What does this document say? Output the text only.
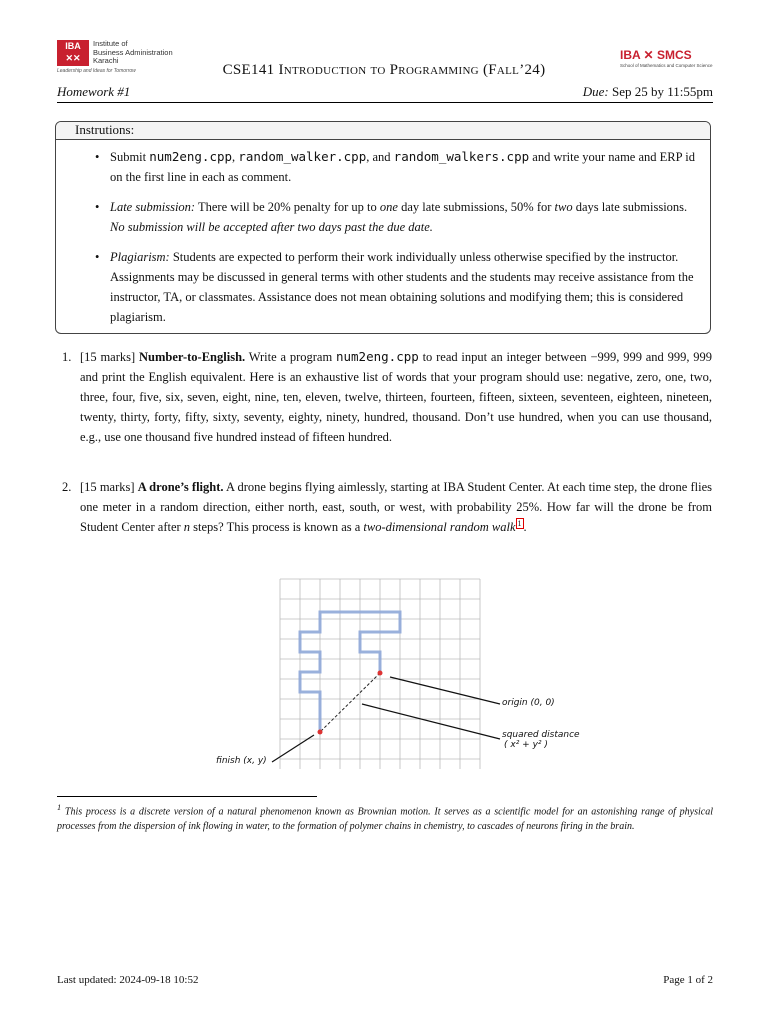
IBA
✕✕
Institute of
Business Administration
Karachi
Leadership and Ideas for Tomorrow	CSE141 Introduction to Programming (Fall’24)
IBA ✕ SMCS
School of Mathematics and Computer Science
Homework #1	Due: Sep 25 by 11:55pm
Instrutions:
• Submit num2eng.cpp, random_walker.cpp, and random_walkers.cpp and write your name and ERP id on the first line in each as comment.
• Late submission: There will be 20% penalty for up to one day late submissions, 50% for two days late submissions. No submission will be accepted after two days past the due date.
• Plagiarism: Students are expected to perform their work individually unless otherwise specified by the instructor. Assignments may be discussed in general terms with other students and the students may receive assistance from the instructor, TA, or classmates. Assistance does not mean obtaining solutions and modifying them; this is considered plagiarism.
1. [15 marks] Number-to-English. Write a program num2eng.cpp to read input an integer between −999, 999 and 999, 999 and print the English equivalent. Here is an exhaustive list of words that your program should use: negative, zero, one, two, three, four, five, six, seven, eight, nine, ten, eleven, twelve, thirteen, fourteen, fifteen, sixteen, seventeen, eighteen, nineteen, twenty, thirty, forty, fifty, sixty, seventy, eighty, ninety, hundred, thousand. Don’t use hundred, when you can use thousand, e.g., use one thousand five hundred instead of fifteen hundred.
2. [15 marks] A drone’s flight. A drone begins flying aimlessly, starting at IBA Student Center. At each time step, the drone flies one meter in a random direction, either north, east, south, or west, with probability 25%. How far will the drone be from Student Center after n steps? This process is known as a two-dimensional random walk $^1$ .
origin (0, 0)
squared distance
( x² + y² )
finish (x, y)
$^1$ This process is a discrete version of a natural phenomenon known as Brownian motion. It serves as a scientific model for an astonishing range of physical processes from the dispersion of ink flowing in water, to the formation of polymer chains in chemistry, to cascades of neurons firing in the brain.
Last updated: 2024-09-18 10:52	Page 1 of 2
